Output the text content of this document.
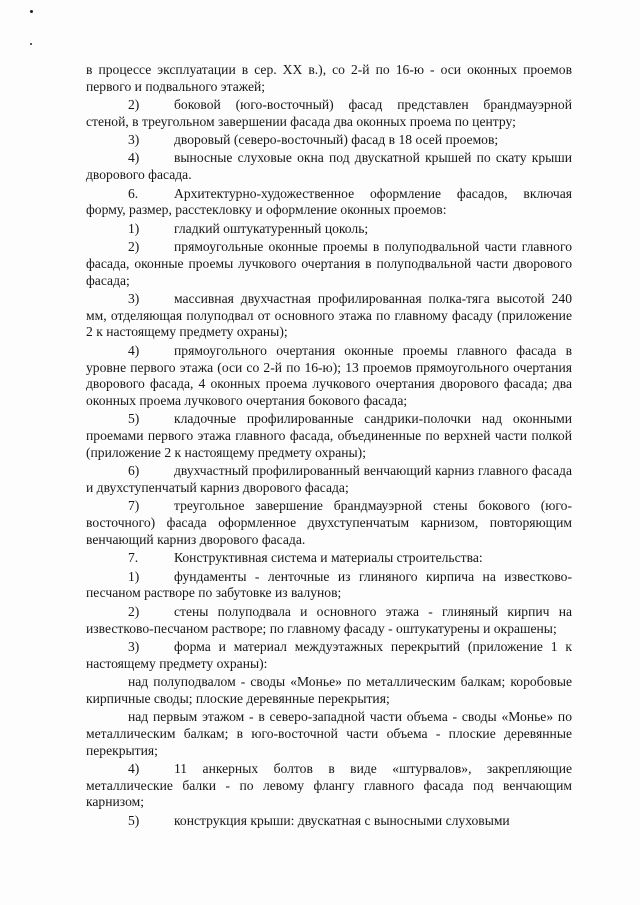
в процессе эксплуатации в сер. XX в.), со 2-й по 16-ю - оси оконных проемов первого и подвального этажей;

2)	боковой (юго-восточный) фасад представлен брандмауэрной стеной, в треугольном завершении фасада два оконных проема по центру;

3)	дворовый (северо-восточный) фасад в 18 осей проемов;

4)	выносные слуховые окна под двускатной крышей по скату крыши дворового фасада.

6.	Архитектурно-художественное оформление фасадов, включая форму, размер, расстекловку и оформление оконных проемов:

1)	гладкий оштукатуренный цоколь;

2)	прямоугольные оконные проемы в полуподвальной части главного фасада, оконные проемы лучкового очертания в полуподвальной части дворового фасада;

3)	массивная двухчастная профилированная полка-тяга высотой 240 мм, отделяющая полуподвал от основного этажа по главному фасаду (приложение 2 к настоящему предмету охраны);

4)	прямоугольного очертания оконные проемы главного фасада в уровне первого этажа (оси со 2-й по 16-ю); 13 проемов прямоугольного очертания дворового фасада, 4 оконных проема лучкового очертания дворового фасада; два оконных проема лучкового очертания бокового фасада;

5)	кладочные профилированные сандрики-полочки над оконными проемами первого этажа главного фасада, объединенные по верхней части полкой (приложение 2 к настоящему предмету охраны);

6)	двухчастный профилированный венчающий карниз главного фасада и двухступенчатый карниз дворового фасада;

7)	треугольное завершение брандмауэрной стены бокового (юго-восточного) фасада оформленное двухступенчатым карнизом, повторяющим венчающий карниз дворового фасада.

7.	Конструктивная система и материалы строительства:

1)	фундаменты - ленточные из глиняного кирпича на известково-песчаном растворе по забутовке из валунов;

2)	стены полуподвала и основного этажа - глиняный кирпич на известково-песчаном растворе; по главному фасаду - оштукатурены и окрашены;

3)	форма и материал междуэтажных перекрытий (приложение 1 к настоящему предмету охраны):

над полуподвалом - своды «Монье» по металлическим балкам; коробовые кирпичные своды; плоские деревянные перекрытия;

над первым этажом - в северо-западной части объема - своды «Монье» по металлическим балкам; в юго-восточной части объема - плоские деревянные перекрытия;

4)	11 анкерных болтов в виде «штурвалов», закрепляющие металлические балки - по левому флангу главного фасада под венчающим карнизом;

5)	конструкция крыши: двускатная с выносными слуховыми
